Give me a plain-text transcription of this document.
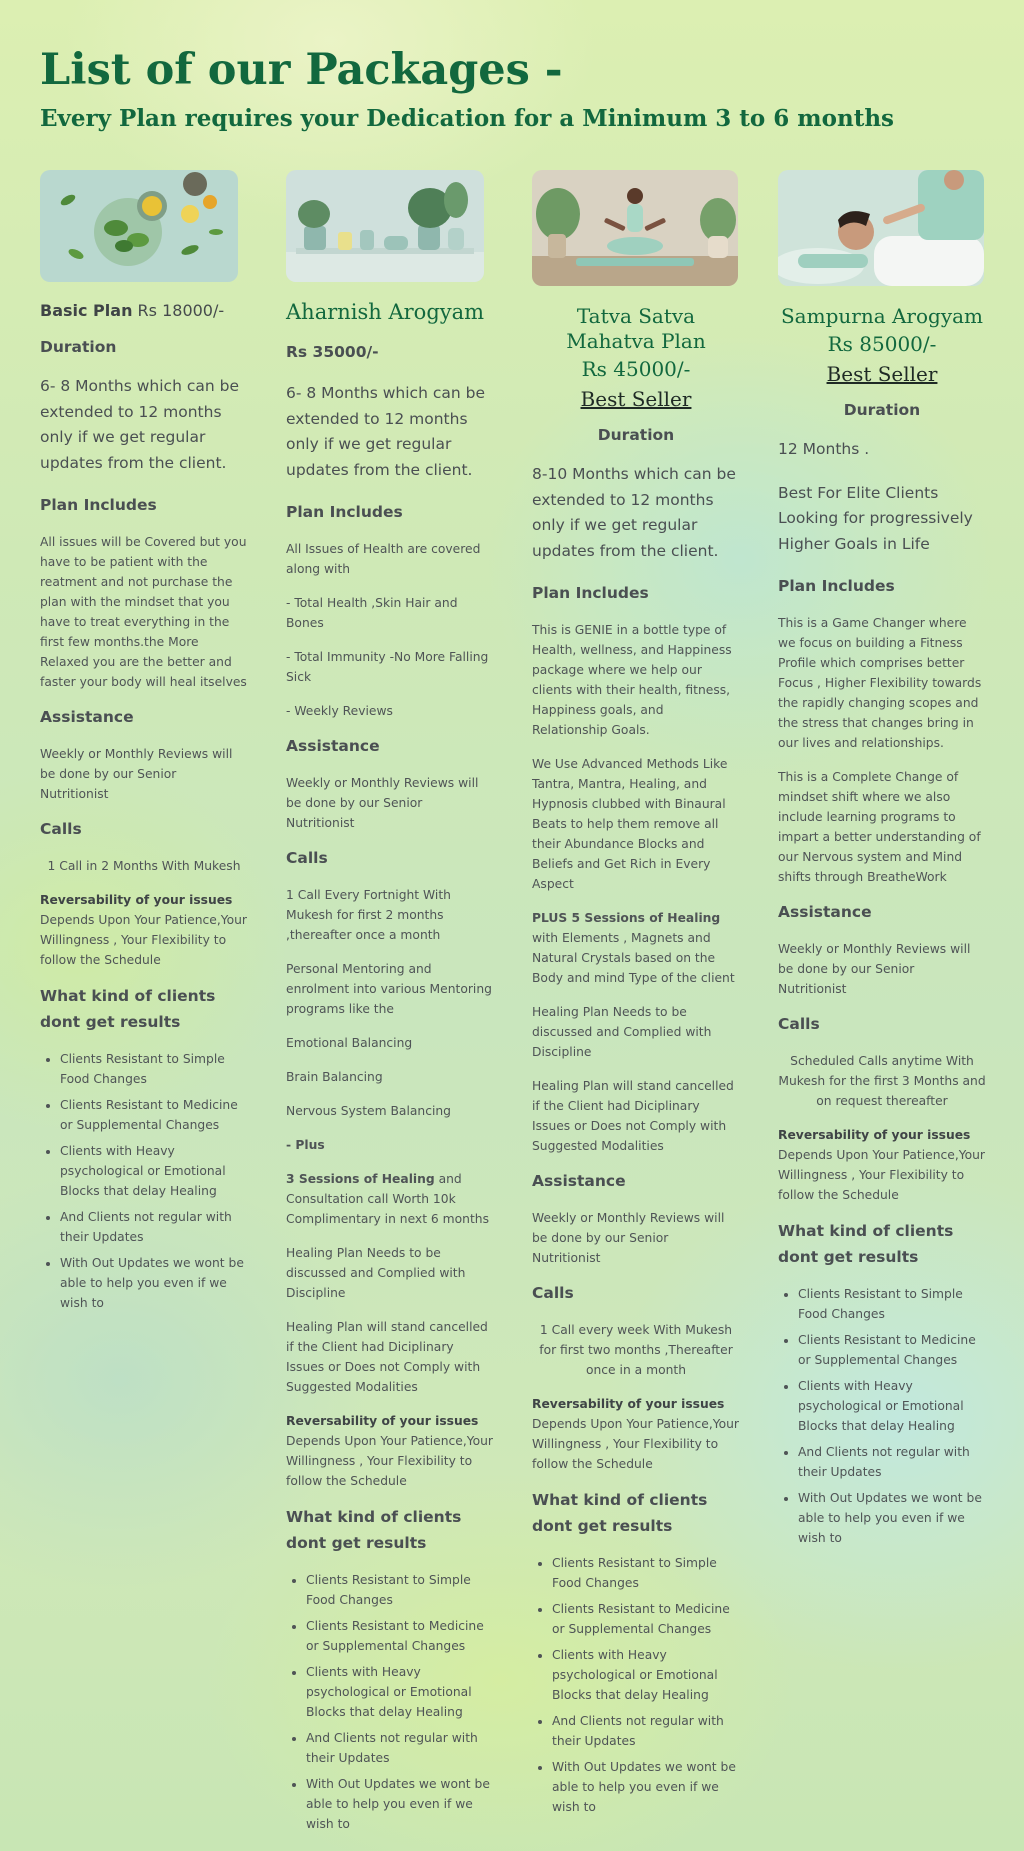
List of our Packages -
Every Plan requires your Dedication for a Minimum 3 to 6 months

Basic Plan Rs 18000/-

Duration

6- 8 Months which can be extended to 12 months only if we get regular updates from the client.

Plan Includes

All issues will be Covered but you have to be patient with the reatment and not purchase the plan with the mindset that you have to treat everything in the first few months.the More Relaxed you are the better and faster your body will heal itselves

Assistance

Weekly or Monthly Reviews will be done by our Senior Nutritionist

Calls

1 Call in 2 Months With Mukesh

Reversability of your issues
Depends Upon Your Patience,Your Willingness , Your Flexibility to follow the Schedule

What kind of clients dont get results

• Clients Resistant to Simple Food Changes
• Clients Resistant to Medicine or Supplemental Changes
• Clients with Heavy psychological or Emotional Blocks that delay Healing
• And Clients not regular with their Updates
• With Out Updates we wont be able to help you even if we wish to

Aharnish Arogyam

Rs 35000/-

6- 8 Months which can be extended to 12 months only if we get regular updates from the client.

Plan Includes

All Issues of Health are covered along with

- Total Health ,Skin Hair and Bones

- Total Immunity -No More Falling Sick

- Weekly Reviews

Assistance

Weekly or Monthly Reviews will be done by our Senior Nutritionist

Calls

1 Call Every Fortnight With Mukesh for first 2 months ,thereafter once a month

Personal Mentoring and enrolment into various Mentoring programs like the

Emotional Balancing

Brain Balancing

Nervous System Balancing

- Plus

3 Sessions of Healing and Consultation call Worth 10k Complimentary in next 6 months

Healing Plan Needs to be discussed and Complied with Discipline

Healing Plan will stand cancelled if the Client had Diciplinary Issues or Does not Comply with Suggested Modalities

Reversability of your issues
Depends Upon Your Patience,Your Willingness , Your Flexibility to follow the Schedule

What kind of clients dont get results

• Clients Resistant to Simple Food Changes
• Clients Resistant to Medicine or Supplemental Changes
• Clients with Heavy psychological or Emotional Blocks that delay Healing
• And Clients not regular with their Updates
• With Out Updates we wont be able to help you even if we wish to

Tatva Satva Mahatva Plan

Rs 45000/-

Best Seller

Duration

8-10 Months which can be extended to 12 months only if we get regular updates from the client.

Plan Includes

This is GENIE in a bottle type of Health, wellness, and Happiness package where we help our clients with their health, fitness, Happiness goals, and Relationship Goals.

We Use Advanced Methods Like Tantra, Mantra, Healing, and Hypnosis clubbed with Binaural Beats to help them remove all their Abundance Blocks and Beliefs and Get Rich in Every Aspect

PLUS 5 Sessions of Healing with Elements , Magnets and Natural Crystals based on the Body and mind Type of the client

Healing Plan Needs to be discussed and Complied with Discipline

Healing Plan will stand cancelled if the Client had Diciplinary Issues or Does not Comply with Suggested Modalities

Assistance

Weekly or Monthly Reviews will be done by our Senior Nutritionist

Calls

1 Call every week With Mukesh for first two months ,Thereafter once in a month

Reversability of your issues
Depends Upon Your Patience,Your Willingness , Your Flexibility to follow the Schedule

What kind of clients dont get results

• Clients Resistant to Simple Food Changes
• Clients Resistant to Medicine or Supplemental Changes
• Clients with Heavy psychological or Emotional Blocks that delay Healing
• And Clients not regular with their Updates
• With Out Updates we wont be able to help you even if we wish to

Sampurna Arogyam

Rs 85000/-

Best Seller

Duration

12 Months .

Best For Elite Clients Looking for progressively Higher Goals in Life

Plan Includes

This is a Game Changer where we focus on building a Fitness Profile which comprises better Focus , Higher Flexibility towards the rapidly changing scopes and the stress that changes bring in our lives and relationships.

This is a Complete Change of mindset shift where we also include learning programs to impart a better understanding of our Nervous system and Mind shifts through BreatheWork

Assistance

Weekly or Monthly Reviews will be done by our Senior Nutritionist

Calls

Scheduled Calls anytime With Mukesh for the first 3 Months and on request thereafter

Reversability of your issues
Depends Upon Your Patience,Your Willingness , Your Flexibility to follow the Schedule

What kind of clients dont get results

• Clients Resistant to Simple Food Changes
• Clients Resistant to Medicine or Supplemental Changes
• Clients with Heavy psychological or Emotional Blocks that delay Healing
• And Clients not regular with their Updates
• With Out Updates we wont be able to help you even if we wish to
